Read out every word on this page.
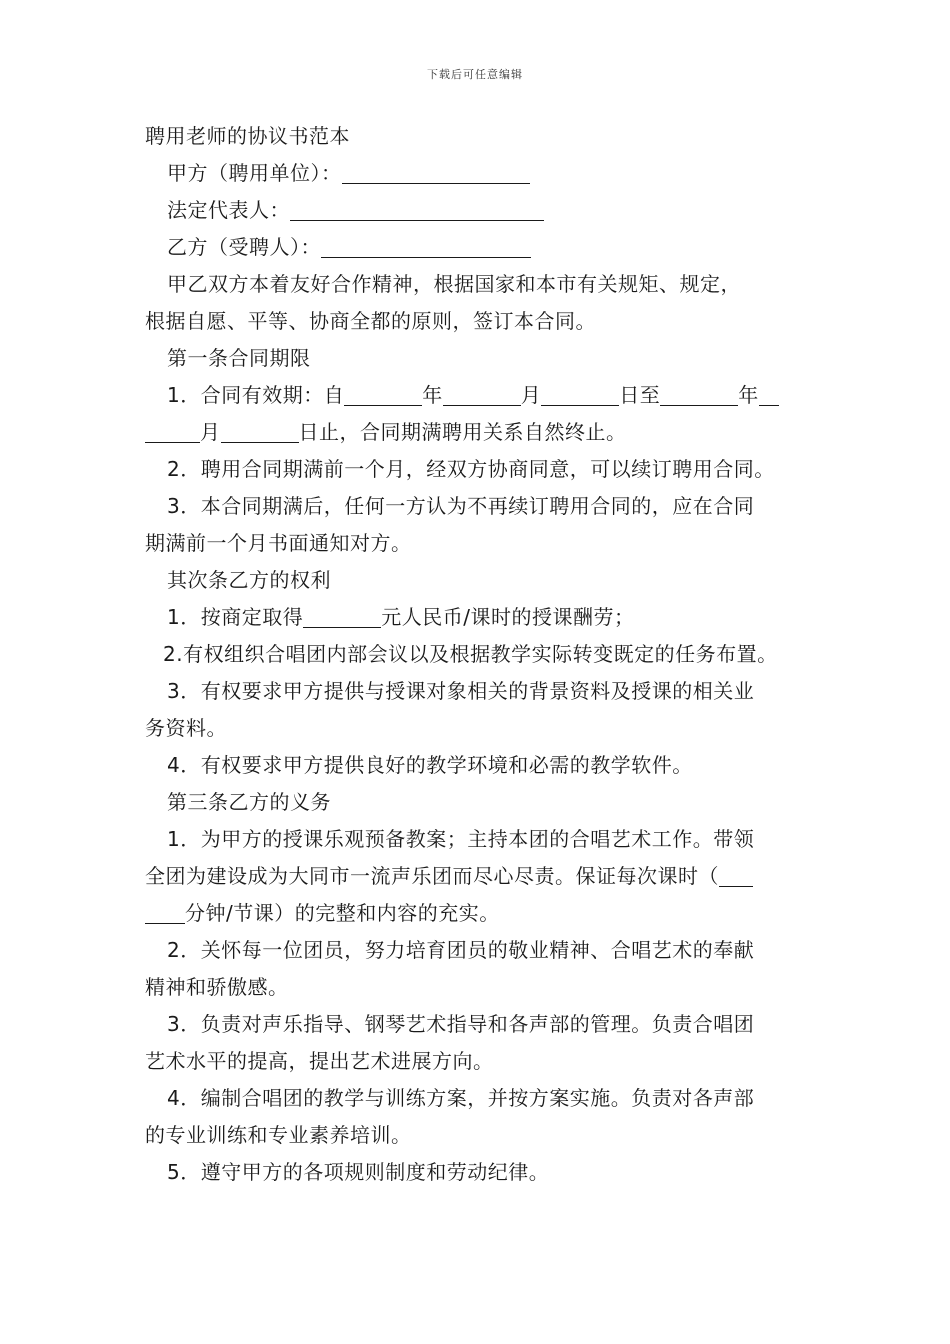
下载后可任意编辑
聘用老师的协议书范本
甲方（聘用单位）：
法定代表人：
乙方（受聘人）：
甲乙双方本着友好合作精神，根据国家和本市有关规矩、规定，
根据自愿、平等、协商全都的原则，签订本合同。
第一条合同期限
1．合同有效期：自	年	月	日至	年
月	日止，合同期满聘用关系自然终止。
2．聘用合同期满前一个月，经双方协商同意，可以续订聘用合同。
3．本合同期满后，任何一方认为不再续订聘用合同的，应在合同
期满前一个月书面通知对方。
其次条乙方的权利
1．按商定取得	元人民币/课时的授课酬劳；
2.有权组织合唱团内部会议以及根据教学实际转变既定的任务布置。
3．有权要求甲方提供与授课对象相关的背景资料及授课的相关业
务资料。
4．有权要求甲方提供良好的教学环境和必需的教学软件。
第三条乙方的义务
1．为甲方的授课乐观预备教案；主持本团的合唱艺术工作。带领
全团为建设成为大同市一流声乐团而尽心尽责。保证每次课时（
分钟/节课）的完整和内容的充实。
2．关怀每一位团员，努力培育团员的敬业精神、合唱艺术的奉献
精神和骄傲感。
3．负责对声乐指导、钢琴艺术指导和各声部的管理。负责合唱团
艺术水平的提高，提出艺术进展方向。
4．编制合唱团的教学与训练方案，并按方案实施。负责对各声部
的专业训练和专业素养培训。
5．遵守甲方的各项规则制度和劳动纪律。
